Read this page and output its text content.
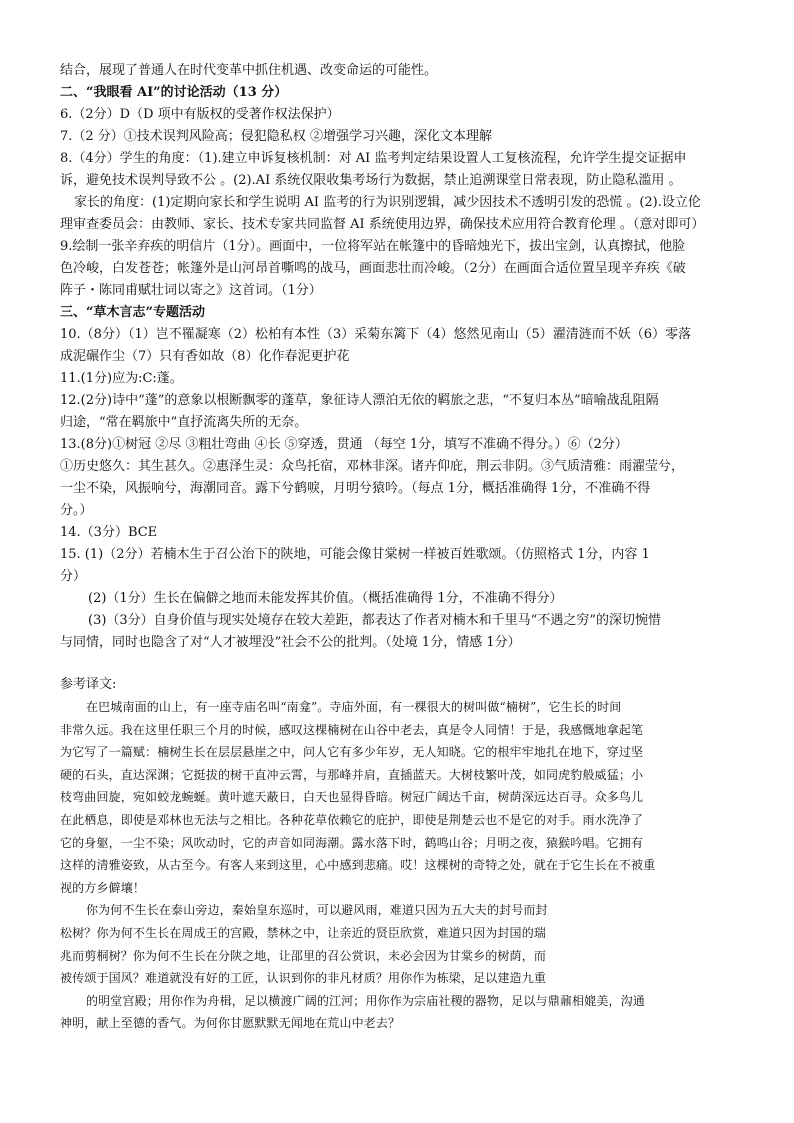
结合，展现了普通人在时代变革中抓住机遇、改变命运的可能性。
二、“我眼看 AI”的讨论活动（13 分）
6.（2分）D（D 项中有版权的受著作权法保护）
7.（2 分）①技术误判风险高；侵犯隐私权 ②增强学习兴趣，深化文本理解
8.（4分）学生的角度：（1).建立申诉复核机制：对 AI 监考判定结果设置人工复核流程，允许学生提交证据申
诉，避免技术误判导致不公 。(2).AI 系统仅限收集考场行为数据，禁止追溯课堂日常表现，防止隐私滥用 。
家长的角度：(1)定期向家长和学生说明 AI 监考的行为识别逻辑，减少因技术不透明引发的恐慌 。(2).设立伦
理审查委员会：由教师、家长、技术专家共同监督 AI 系统使用边界，确保技术应用符合教育伦理 。（意对即可）
9.绘制一张辛弃疾的明信片（1分）。画面中，一位将军站在帐篷中的昏暗烛光下，拔出宝剑，认真擦拭，他脸
色冷峻，白发苍苍；帐篷外是山河昂首嘶鸣的战马，画面悲壮而冷峻。（2分）在画面合适位置呈现辛弃疾《破
阵子・陈同甫赋壮词以寄之》这首词。（1分）
三、“草木言志”专题活动
10.（8分）（1）岂不罹凝寒（2）松柏有本性（3）采菊东篱下（4）悠然见南山（5）濯清涟而不妖（6）零落
成泥碾作尘（7）只有香如故（8）化作春泥更护花
11.(1分)应为:C:蓬。
12.(2分)诗中“蓬”的意象以根断飘零的蓬草，象征诗人漂泊无依的羁旅之悲，“不复归本丛”暗喻战乱阻隔
归途，“常在羁旅中”直抒流离失所的无奈。
13.(8分)①树冠 ②尽 ③粗壮弯曲 ④长 ⑤穿透，贯通 （每空 1分，填写不准确不得分。）⑥（2分）
①历史悠久：其生甚久。②惠泽生灵：众鸟托宿，邓林非深。诸卉仰庇，荆云非阴。③气质清雅：雨濯莹兮，
一尘不染，风振响兮，海潮同音。露下兮鹤唳，月明兮猿吟。（每点 1分，概括准确得 1分，不准确不得
分。）
14.（3分）BCE
15. (1)（2分）若楠木生于召公治下的陕地，可能会像甘棠树一样被百姓歌颂。（仿照格式 1分，内容 1
分）
(2)（1分）生长在偏僻之地而未能发挥其价值。（概括准确得 1分，不准确不得分）
(3)（3分）自身价值与现实处境存在较大差距，都表达了作者对楠木和千里马“不遇之穷”的深切惋惜
与同情，同时也隐含了对“人才被埋没”社会不公的批判。（处境 1分，情感 1分）
参考译文:
在巴城南面的山上，有一座寺庙名叫“南龛”。寺庙外面，有一棵很大的树叫做“楠树”，它生长的时间
非常久远。我在这里任职三个月的时候，感叹这棵楠树在山谷中老去，真是令人同情！于是，我感慨地拿起笔
为它写了一篇赋：楠树生长在层层悬崖之中，问人它有多少年岁，无人知晓。它的根牢牢地扎在地下，穿过坚
硬的石头，直达深渊；它挺拔的树干直冲云霄，与那峰并肩，直插蓝天。大树枝繁叶茂，如同虎豹般威猛；小
枝弯曲回旋，宛如蛟龙蜿蜒。黄叶遮天蔽日，白天也显得昏暗。树冠广阔达千亩，树荫深远达百寻。众多鸟儿
在此栖息，即使是邓林也无法与之相比。各种花草依赖它的庇护，即使是荆楚云也不是它的对手。雨水洗净了
它的身躯，一尘不染；风吹动时，它的声音如同海潮。露水落下时，鹤鸣山谷；月明之夜，猿猴吟唱。它拥有
这样的清雅姿致，从古至今。有客人来到这里，心中感到悲痛。哎！这棵树的奇特之处，就在于它生长在不被重
视的方乡僻壤！
你为何不生长在泰山旁边，秦始皇东巡时，可以避风雨，难道只因为五大夫的封号而封
松树？你为何不生长在周成王的宫殿，禁林之中，让亲近的贤臣欣赏，难道只因为封国的瑞
兆而剪桐树？你为何不生长在分陕之地，让邵里的召公赏识，未必会因为甘棠乡的树荫，而
被传颂于国风？难道就没有好的工匠，认识到你的非凡材质？用你作为栋梁，足以建造九重
的明堂宫殿；用你作为舟楫，足以横渡广阔的江河；用你作为宗庙社稷的器物，足以与鼎鼐相媲美，沟通
神明，献上至德的香气。为何你甘愿默默无闻地在荒山中老去？
